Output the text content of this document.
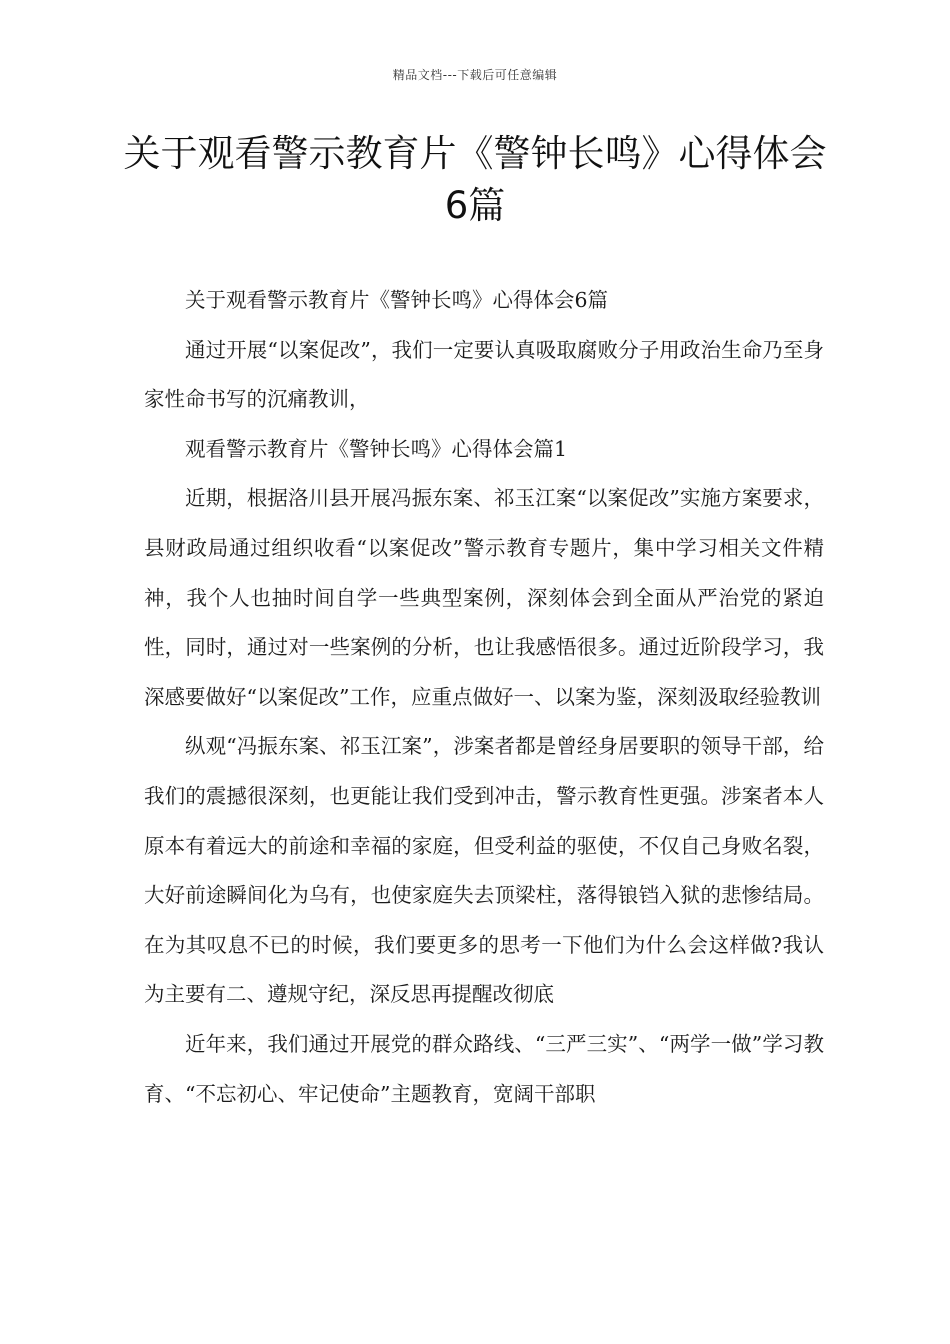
精品文档---下载后可任意编辑
关于观看警示教育片《警钟长鸣》心得体会6篇

关于观看警示教育片《警钟长鸣》心得体会6篇

通过开展“以案促改”，我们一定要认真吸取腐败分子用政治生命乃至身家性命书写的沉痛教训，

观看警示教育片《警钟长鸣》心得体会篇1

近期，根据洛川县开展冯振东案、祁玉江案“以案促改”实施方案要求，县财政局通过组织收看“以案促改”警示教育专题片，集中学习相关文件精神，我个人也抽时间自学一些典型案例，深刻体会到全面从严治党的紧迫性，同时，通过对一些案例的分析，也让我感悟很多。通过近阶段学习，我深感要做好“以案促改”工作，应重点做好一、以案为鉴，深刻汲取经验教训

纵观“冯振东案、祁玉江案”，涉案者都是曾经身居要职的领导干部，给我们的震撼很深刻，也更能让我们受到冲击，警示教育性更强。涉案者本人原本有着远大的前途和幸福的家庭，但受利益的驱使，不仅自己身败名裂，大好前途瞬间化为乌有，也使家庭失去顶梁柱，落得锒铛入狱的悲惨结局。在为其叹息不已的时候，我们要更多的思考一下他们为什么会这样做?我认为主要有二、遵规守纪，深反思再提醒改彻底

近年来，我们通过开展党的群众路线、“三严三实”、“两学一做”学习教育、“不忘初心、牢记使命”主题教育，宽阔干部职
